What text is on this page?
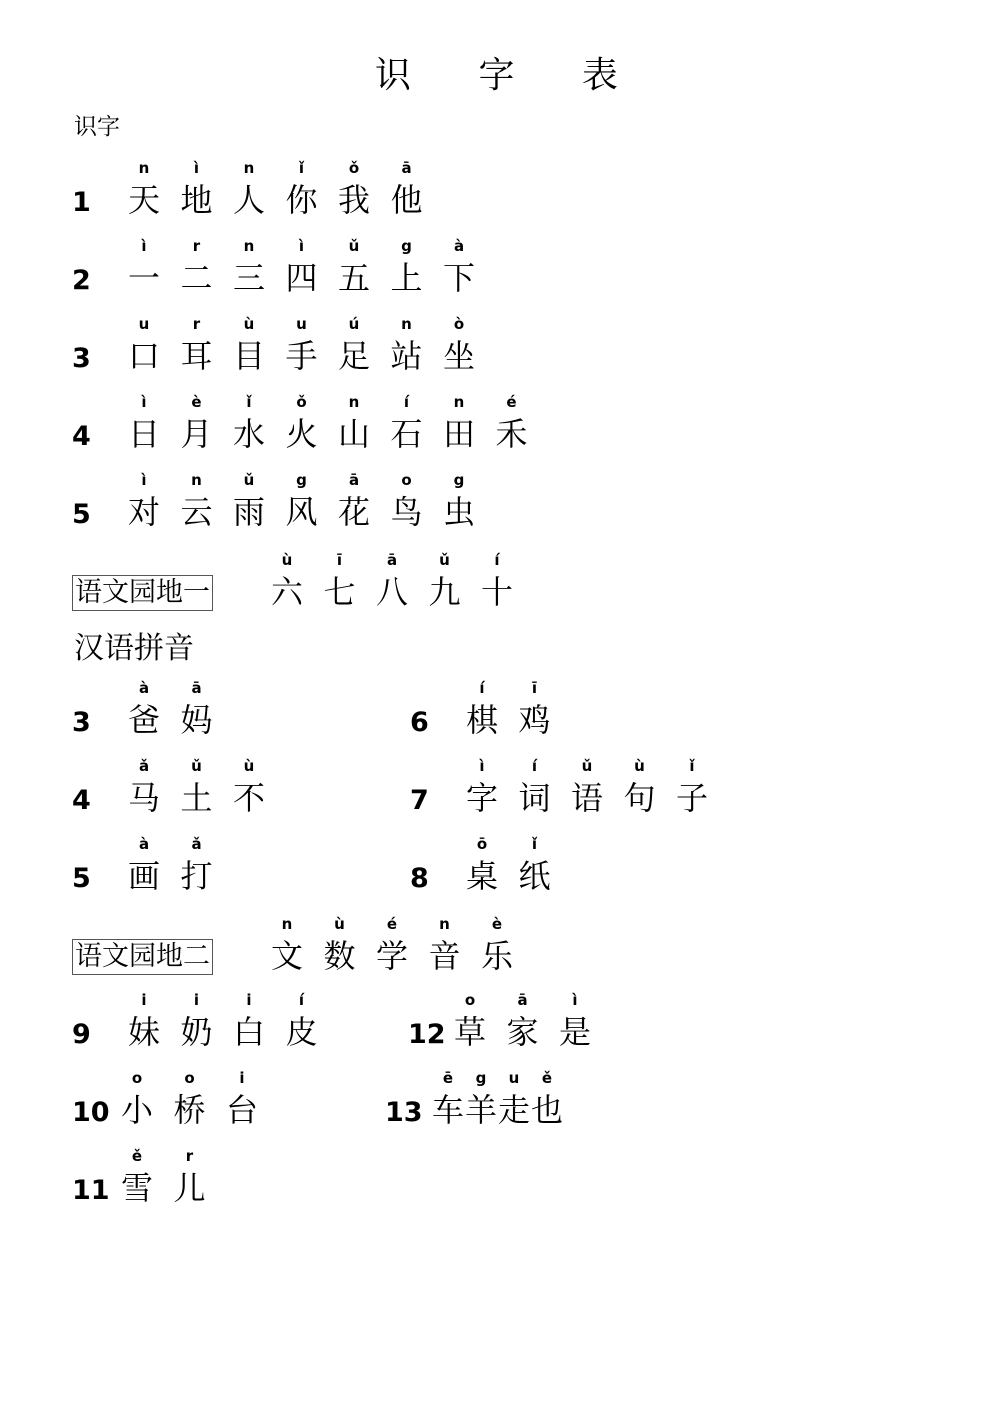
识 字 表
识字
汉语拼音
1
n
天
ì
地
n
人
ǐ
你
ǒ
我
ā
他
2
ì
一
r
二
n
三
ì
四
ǔ
五
g
上
à
下
3
u
口
r
耳
ù
目
u
手
ú
足
n
站
ò
坐
4
ì
日
è
月
ǐ
水
ǒ
火
n
山
í
石
n
田
é
禾
5
ì
对
n
云
ǔ
雨
g
风
ā
花
o
鸟
g
虫
语文园地一
ù
六
ī
七
ā
八
ǔ
九
í
十
3
à
爸
ā
妈
4
ǎ
马
ǔ
土
ù
不
5
à
画
ǎ
打
6
í
棋
ī
鸡
7
ì
字
í
词
ǔ
语
ù
句
ǐ
子
8
ō
桌
ǐ
纸
语文园地二
n
文
ù
数
é
学
n
音
è
乐
9
i
妹
i
奶
i
白
í
皮
10
o
小
o
桥
i
台
11
ě
雪
r
儿
12
o
草
ā
家
ì
是
13
ē
车
g
羊
u
走
ě
也
